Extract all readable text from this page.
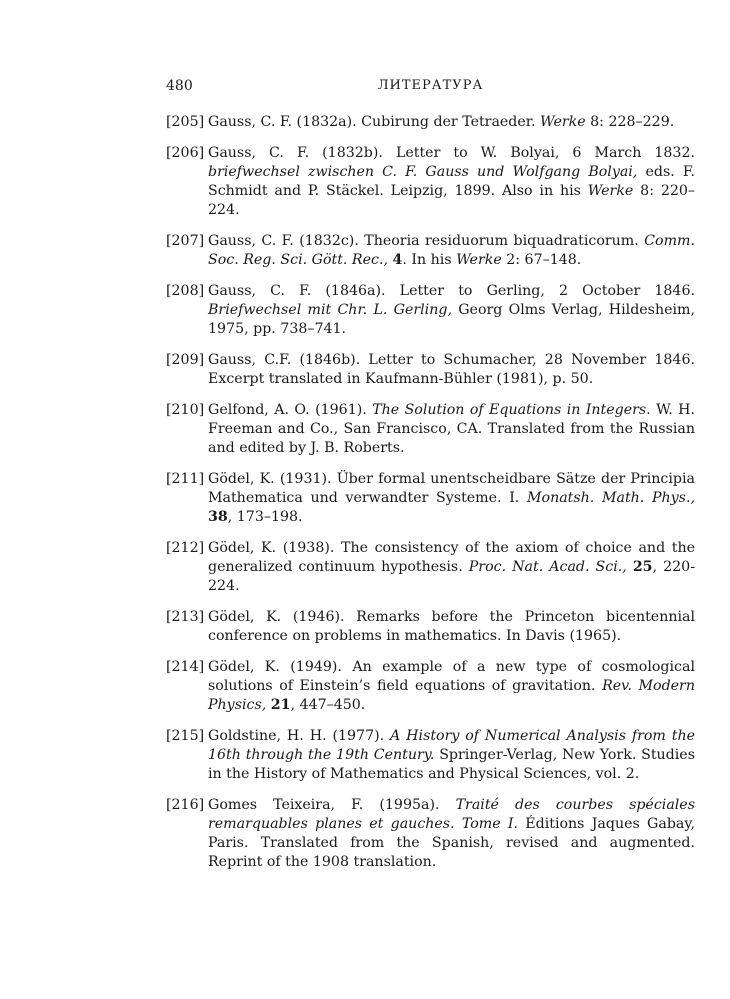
480	ЛИТЕРАТУРА
[205] Gauss, C. F. (1832a). Cubirung der Tetraeder. Werke 8: 228–229.
[206] Gauss, C. F. (1832b). Letter to W. Bolyai, 6 March 1832. briefwechsel zwischen C. F. Gauss und Wolfgang Bolyai, eds. F. Schmidt and P. Stäckel. Leipzig, 1899. Also in his Werke 8: 220–224.
[207] Gauss, C. F. (1832c). Theoria residuorum biquadraticorum. Comm. Soc. Reg. Sci. Gött. Rec., 4. In his Werke 2: 67–148.
[208] Gauss, C. F. (1846a). Letter to Gerling, 2 October 1846. Briefwechsel mit Chr. L. Gerling, Georg Olms Verlag, Hildesheim, 1975, pp. 738–741.
[209] Gauss, C.F. (1846b). Letter to Schumacher, 28 November 1846. Excerpt translated in Kaufmann-Bühler (1981), p. 50.
[210] Gelfond, A. O. (1961). The Solution of Equations in Integers. W. H. Freeman and Co., San Francisco, CA. Translated from the Russian and edited by J. B. Roberts.
[211] Gödel, K. (1931). Über formal unentscheidbare Sätze der Principia Mathematica und verwandter Systeme. I. Monatsh. Math. Phys., 38, 173–198.
[212] Gödel, K. (1938). The consistency of the axiom of choice and the generalized continuum hypothesis. Proc. Nat. Acad. Sci., 25, 220-224.
[213] Gödel, K. (1946). Remarks before the Princeton bicentennial conference on problems in mathematics. In Davis (1965).
[214] Gödel, K. (1949). An example of a new type of cosmological solutions of Einstein’s field equations of gravitation. Rev. Modern Physics, 21, 447–450.
[215] Goldstine, H. H. (1977). A History of Numerical Analysis from the 16th through the 19th Century. Springer-Verlag, New York. Studies in the History of Mathematics and Physical Sciences, vol. 2.
[216] Gomes Teixeira, F. (1995a). Traité des courbes spéciales remarquables planes et gauches. Tome I. Éditions Jaques Gabay, Paris. Translated from the Spanish, revised and augmented. Reprint of the 1908 translation.
